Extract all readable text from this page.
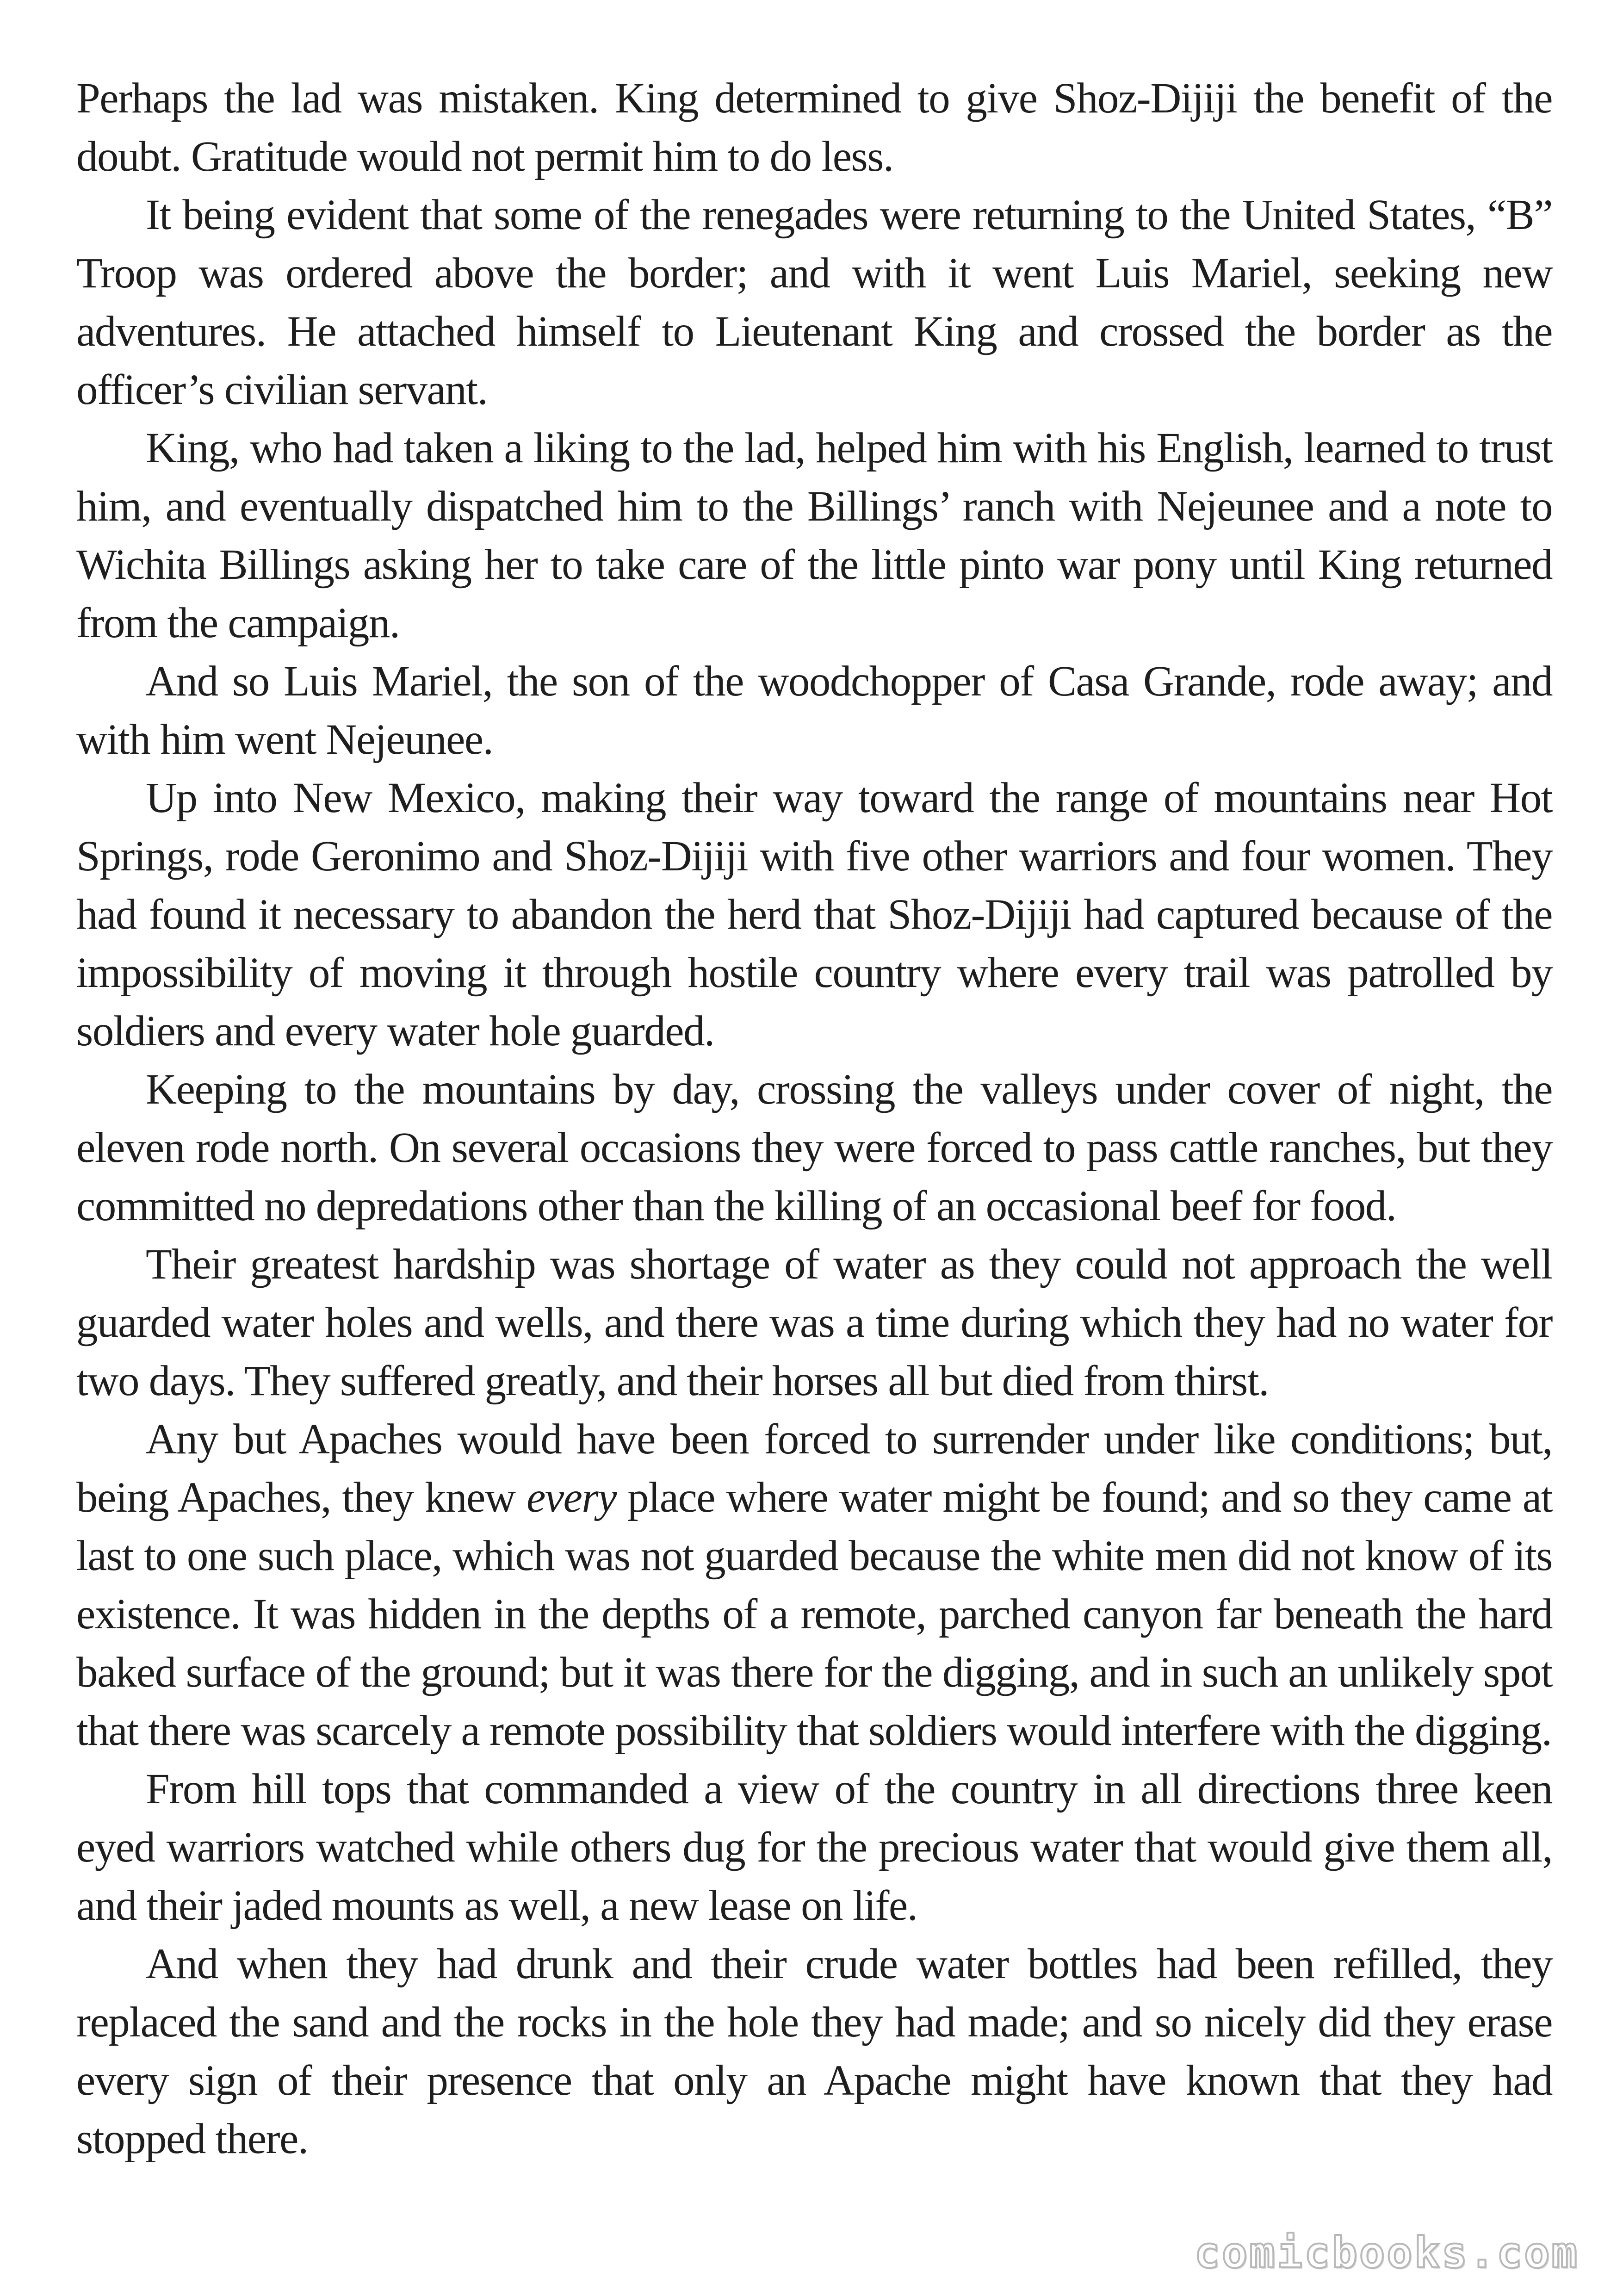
Perhaps the lad was mistaken. King determined to give Shoz-Dijiji the benefit of the doubt. Gratitude would not permit him to do less.

It being evident that some of the renegades were returning to the United States, “B” Troop was ordered above the border; and with it went Luis Mariel, seeking new adventures. He attached himself to Lieutenant King and crossed the border as the officer’s civilian servant.

King, who had taken a liking to the lad, helped him with his English, learned to trust him, and eventually dispatched him to the Billings’ ranch with Nejeunee and a note to Wichita Billings asking her to take care of the little pinto war pony until King returned from the campaign.

And so Luis Mariel, the son of the woodchopper of Casa Grande, rode away; and with him went Nejeunee.

Up into New Mexico, making their way toward the range of mountains near Hot Springs, rode Geronimo and Shoz-Dijiji with five other warriors and four women. They had found it necessary to abandon the herd that Shoz-Dijiji had captured because of the impossibility of moving it through hostile country where every trail was patrolled by soldiers and every water hole guarded.

Keeping to the mountains by day, crossing the valleys under cover of night, the eleven rode north. On several occasions they were forced to pass cattle ranches, but they committed no depredations other than the killing of an occasional beef for food.

Their greatest hardship was shortage of water as they could not approach the well guarded water holes and wells, and there was a time during which they had no water for two days. They suffered greatly, and their horses all but died from thirst.

Any but Apaches would have been forced to surrender under like conditions; but, being Apaches, they knew every place where water might be found; and so they came at last to one such place, which was not guarded because the white men did not know of its existence. It was hidden in the depths of a remote, parched canyon far beneath the hard baked surface of the ground; but it was there for the digging, and in such an unlikely spot that there was scarcely a remote possibility that soldiers would interfere with the digging.

From hill tops that commanded a view of the country in all directions three keen eyed warriors watched while others dug for the precious water that would give them all, and their jaded mounts as well, a new lease on life.

And when they had drunk and their crude water bottles had been refilled, they replaced the sand and the rocks in the hole they had made; and so nicely did they erase every sign of their presence that only an Apache might have known that they had stopped there.

comicbooks.com
